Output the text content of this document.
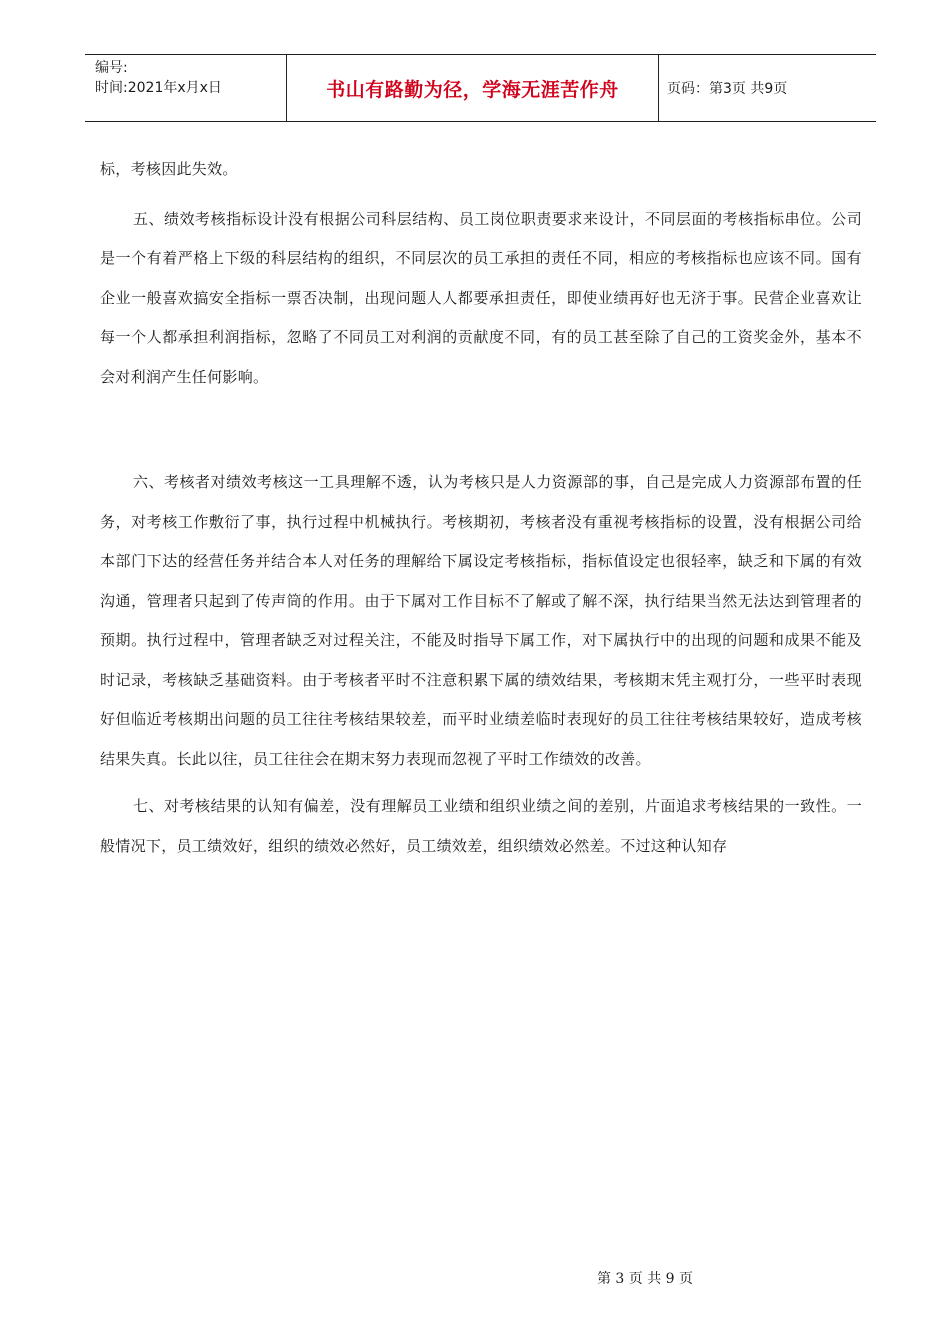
编号:
时间:2021年x月x日	书山有路勤为径，学海无涯苦作舟	页码：第3页 共9页

标，考核因此失效。

五、绩效考核指标设计没有根据公司科层结构、员工岗位职责要求来设计，不同层面的考核指标串位。公司是一个有着严格上下级的科层结构的组织，不同层次的员工承担的责任不同，相应的考核指标也应该不同。国有企业一般喜欢搞安全指标一票否决制，出现问题人人都要承担责任，即使业绩再好也无济于事。民营企业喜欢让每一个人都承担利润指标，忽略了不同员工对利润的贡献度不同，有的员工甚至除了自己的工资奖金外，基本不会对利润产生任何影响。

六、考核者对绩效考核这一工具理解不透，认为考核只是人力资源部的事，自己是完成人力资源部布置的任务，对考核工作敷衍了事，执行过程中机械执行。考核期初，考核者没有重视考核指标的设置，没有根据公司给本部门下达的经营任务并结合本人对任务的理解给下属设定考核指标，指标值设定也很轻率，缺乏和下属的有效沟通，管理者只起到了传声筒的作用。由于下属对工作目标不了解或了解不深，执行结果当然无法达到管理者的预期。执行过程中，管理者缺乏对过程关注，不能及时指导下属工作，对下属执行中的出现的问题和成果不能及时记录，考核缺乏基础资料。由于考核者平时不注意积累下属的绩效结果，考核期末凭主观打分，一些平时表现好但临近考核期出问题的员工往往考核结果较差，而平时业绩差临时表现好的员工往往考核结果较好，造成考核结果失真。长此以往，员工往往会在期末努力表现而忽视了平时工作绩效的改善。

七、对考核结果的认知有偏差，没有理解员工业绩和组织业绩之间的差别，片面追求考核结果的一致性。一般情况下，员工绩效好，组织的绩效必然好，员工绩效差，组织绩效必然差。不过这种认知存

第 3 页 共 9 页
